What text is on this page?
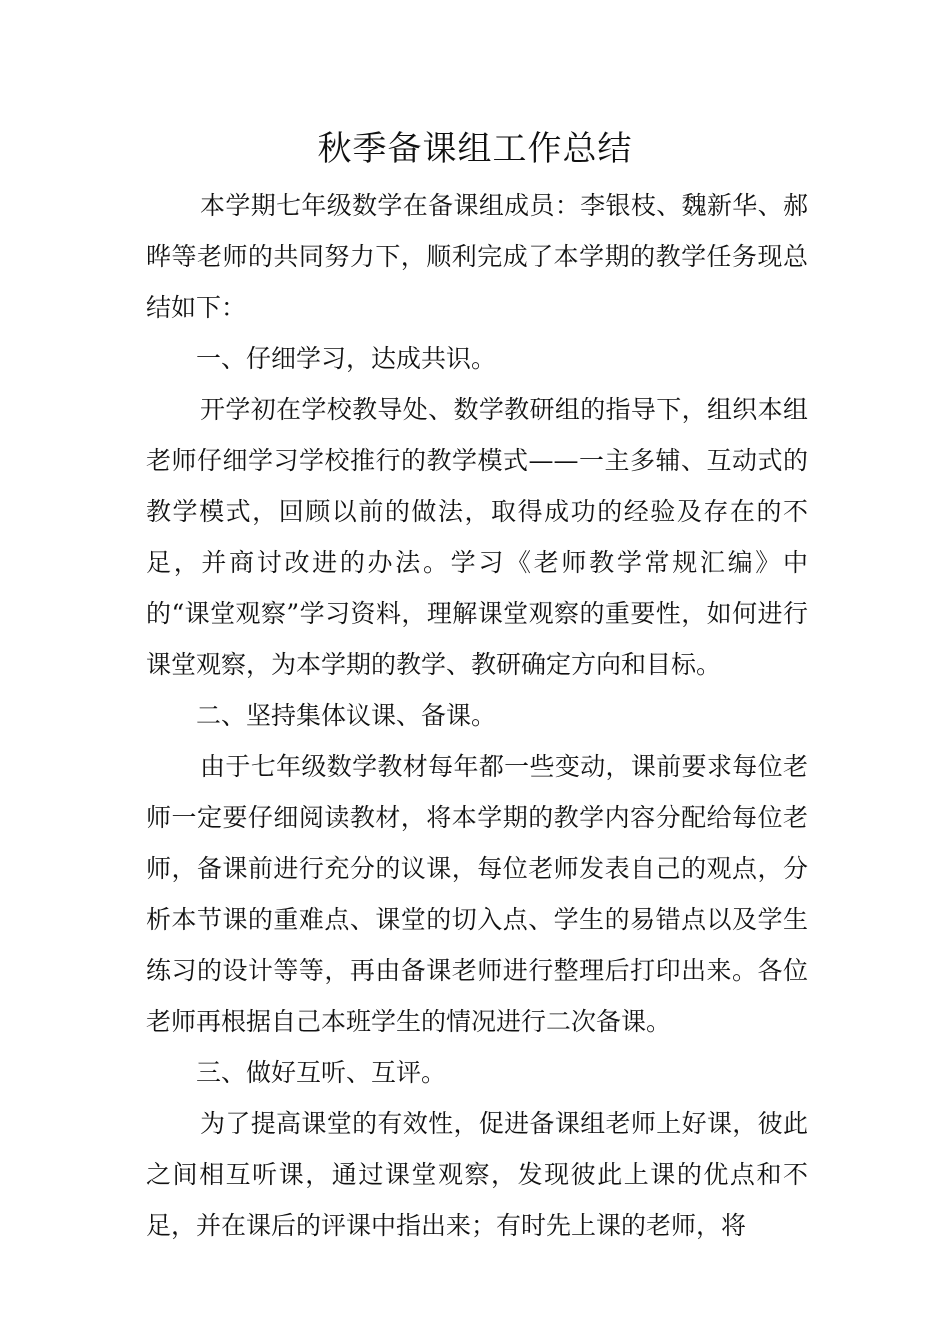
秋季备课组工作总结

本学期七年级数学在备课组成员：李银枝、魏新华、郝晔等老师的共同努力下，顺利完成了本学期的教学任务现总结如下：

一、仔细学习，达成共识。

开学初在学校教导处、数学教研组的指导下，组织本组老师仔细学习学校推行的教学模式——一主多辅、互动式的教学模式，回顾以前的做法，取得成功的经验及存在的不足，并商讨改进的办法。学习《老师教学常规汇编》中的“课堂观察”学习资料，理解课堂观察的重要性，如何进行课堂观察，为本学期的教学、教研确定方向和目标。

二、坚持集体议课、备课。

由于七年级数学教材每年都一些变动，课前要求每位老师一定要仔细阅读教材，将本学期的教学内容分配给每位老师，备课前进行充分的议课，每位老师发表自己的观点，分析本节课的重难点、课堂的切入点、学生的易错点以及学生练习的设计等等，再由备课老师进行整理后打印出来。各位老师再根据自己本班学生的情况进行二次备课。

三、做好互听、互评。

为了提高课堂的有效性，促进备课组老师上好课，彼此之间相互听课，通过课堂观察，发现彼此上课的优点和不足，并在课后的评课中指出来；有时先上课的老师，将
